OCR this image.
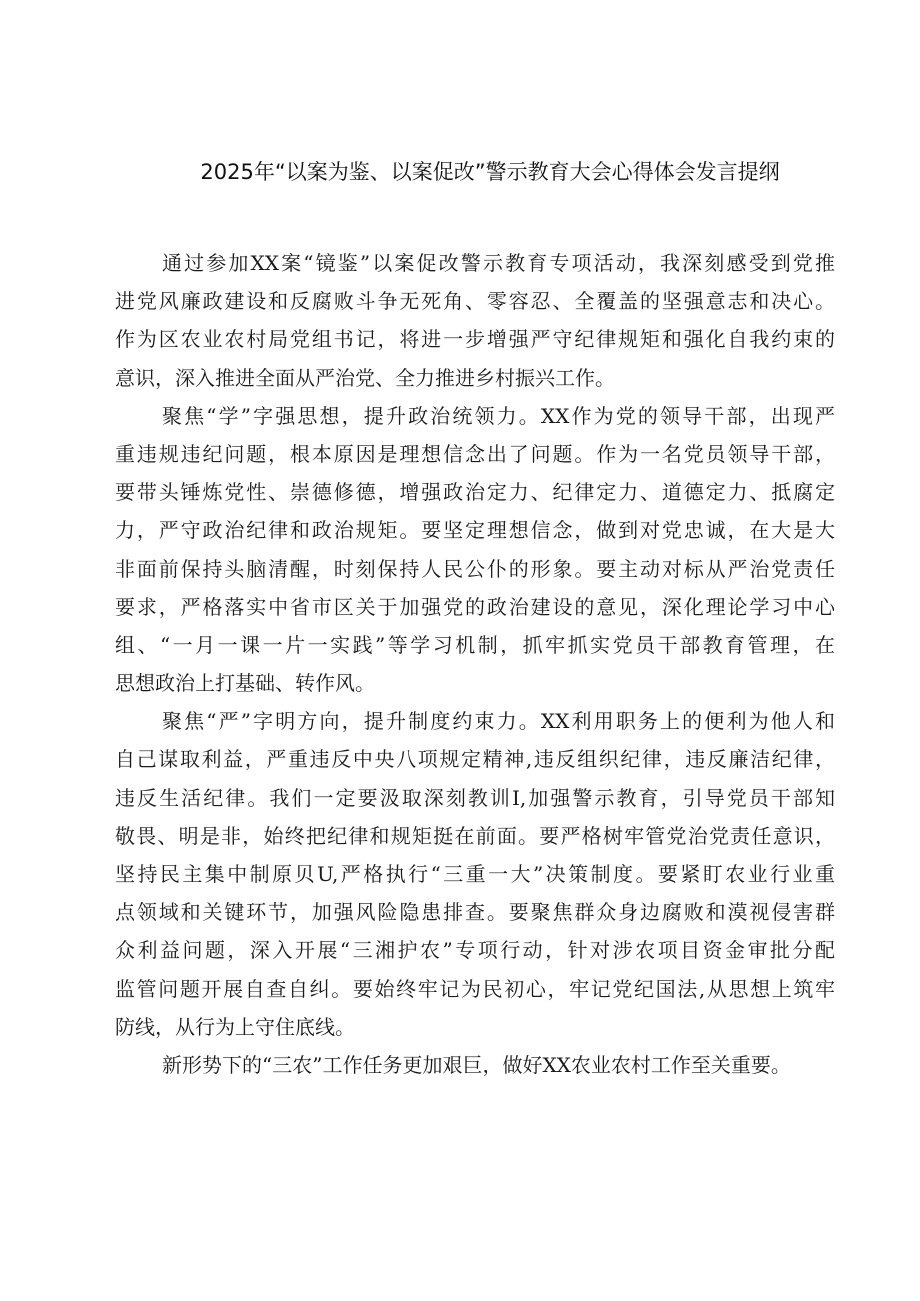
2025年“以案为鉴、以案促改”警示教育大会心得体会发言提纲
通过参加XX案“镜鉴”以案促改警示教育专项活动，我深刻感受到党推
进党风廉政建设和反腐败斗争无死角、零容忍、全覆盖的坚强意志和决心。
作为区农业农村局党组书记，将进一步增强严守纪律规矩和强化自我约束的
意识，深入推进全面从严治党、全力推进乡村振兴工作。
聚焦“学”字强思想，提升政治统领力。XX作为党的领导干部，出现严
重违规违纪问题，根本原因是理想信念出了问题。作为一名党员领导干部，
要带头锤炼党性、崇德修德，增强政治定力、纪律定力、道德定力、抵腐定
力，严守政治纪律和政治规矩。要坚定理想信念，做到对党忠诚，在大是大
非面前保持头脑清醒，时刻保持人民公仆的形象。要主动对标从严治党责任
要求，严格落实中省市区关于加强党的政治建设的意见，深化理论学习中心
组、“一月一课一片一实践”等学习机制，抓牢抓实党员干部教育管理，在
思想政治上打基础、转作风。
聚焦“严”字明方向，提升制度约束力。XX利用职务上的便利为他人和
自己谋取利益，严重违反中央八项规定精神,违反组织纪律，违反廉洁纪律，
违反生活纪律。我们一定要汲取深刻教训I,加强警示教育，引导党员干部知
敬畏、明是非，始终把纪律和规矩挺在前面。要严格树牢管党治党责任意识，
坚持民主集中制原贝U,严格执行“三重一大”决策制度。要紧盯农业行业重
点领域和关键环节，加强风险隐患排查。要聚焦群众身边腐败和漠视侵害群
众利益问题，深入开展“三湘护农”专项行动，针对涉农项目资金审批分配
监管问题开展自查自纠。要始终牢记为民初心，牢记党纪国法,从思想上筑牢
防线，从行为上守住底线。
新形势下的“三农”工作任务更加艰巨，做好XX农业农村工作至关重要。
